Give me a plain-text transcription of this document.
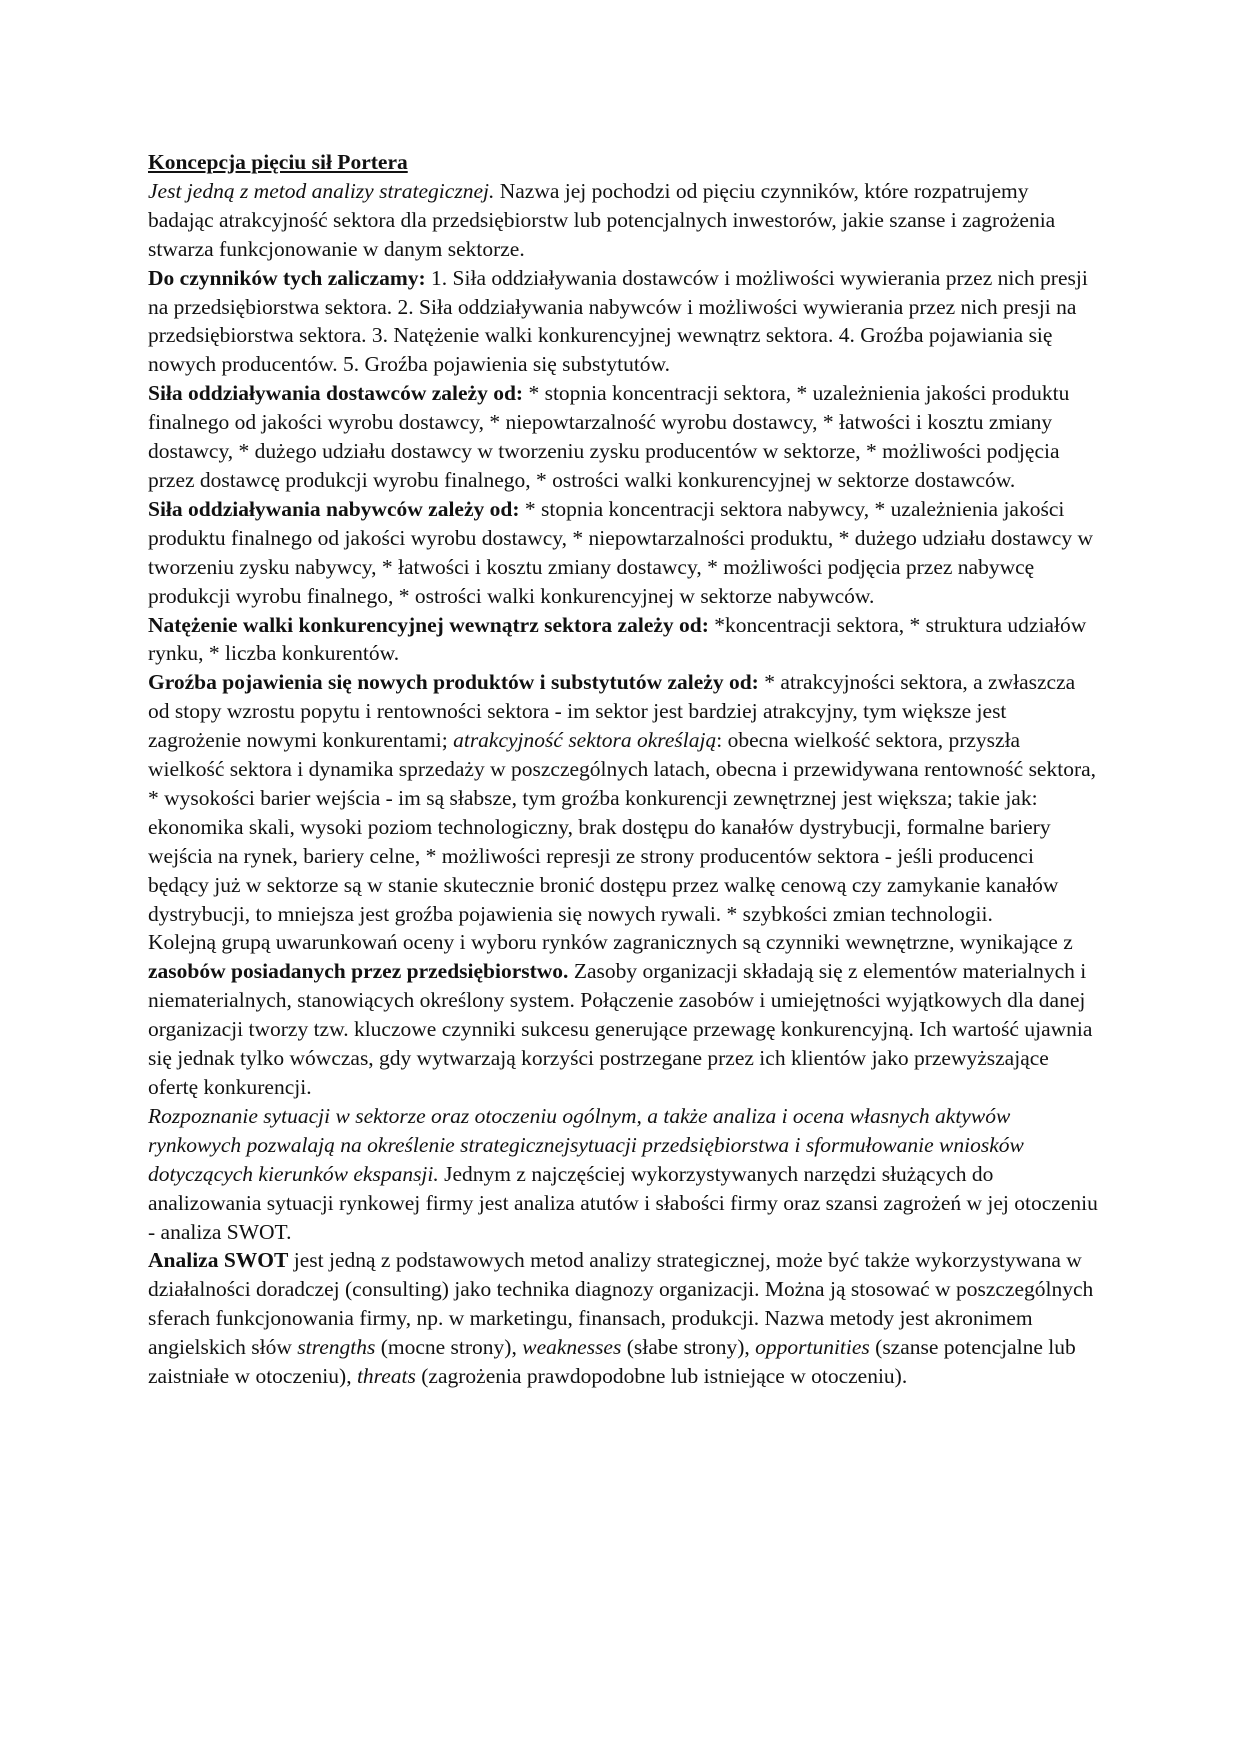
Koncepcja pięciu sił Portera

Jest jedną z metod analizy strategicznej. Nazwa jej pochodzi od pięciu czynników, które rozpatrujemy badając atrakcyjność sektora dla przedsiębiorstw lub potencjalnych inwestorów, jakie szanse i zagrożenia stwarza funkcjonowanie w danym sektorze.

Do czynników tych zaliczamy: 1. Siła oddziaływania dostawców i możliwości wywierania przez nich presji na przedsiębiorstwa sektora. 2. Siła oddziaływania nabywców i możliwości wywierania przez nich presji na przedsiębiorstwa sektora. 3. Natężenie walki konkurencyjnej wewnątrz sektora. 4. Groźba pojawiania się nowych producentów. 5. Groźba pojawienia się substytutów.

Siła oddziaływania dostawców zależy od: * stopnia koncentracji sektora, * uzależnienia jakości produktu finalnego od jakości wyrobu dostawcy, * niepowtarzalność wyrobu dostawcy, * łatwości i kosztu zmiany dostawcy, * dużego udziału dostawcy w tworzeniu zysku producentów w sektorze, * możliwości podjęcia przez dostawcę produkcji wyrobu finalnego, * ostrości walki konkurencyjnej w sektorze dostawców.

Siła oddziaływania nabywców zależy od: * stopnia koncentracji sektora nabywcy, * uzależnienia jakości produktu finalnego od jakości wyrobu dostawcy, * niepowtarzalności produktu, * dużego udziału dostawcy w tworzeniu zysku nabywcy, * łatwości i kosztu zmiany dostawcy, * możliwości podjęcia przez nabywcę produkcji wyrobu finalnego, * ostrości walki konkurencyjnej w sektorze nabywców.

Natężenie walki konkurencyjnej wewnątrz sektora zależy od: *koncentracji sektora, * struktura udziałów rynku, * liczba konkurentów.

Groźba pojawienia się nowych produktów i substytutów zależy od: * atrakcyjności sektora, a zwłaszcza od stopy wzrostu popytu i rentowności sektora - im sektor jest bardziej atrakcyjny, tym większe jest zagrożenie nowymi konkurentami; atrakcyjność sektora określają: obecna wielkość sektora, przyszła wielkość sektora i dynamika sprzedaży w poszczególnych latach, obecna i przewidywana rentowność sektora, * wysokości barier wejścia - im są słabsze, tym groźba konkurencji zewnętrznej jest większa; takie jak: ekonomika skali, wysoki poziom technologiczny, brak dostępu do kanałów dystrybucji, formalne bariery wejścia na rynek, bariery celne, * możliwości represji ze strony producentów sektora - jeśli producenci będący już w sektorze są w stanie skutecznie bronić dostępu przez walkę cenową czy zamykanie kanałów dystrybucji, to mniejsza jest groźba pojawienia się nowych rywali. * szybkości zmian technologii.

Kolejną grupą uwarunkowań oceny i wyboru rynków zagranicznych są czynniki wewnętrzne, wynikające z zasobów posiadanych przez przedsiębiorstwo. Zasoby organizacji składają się z elementów materialnych i niematerialnych, stanowiących określony system. Połączenie zasobów i umiejętności wyjątkowych dla danej organizacji tworzy tzw. kluczowe czynniki sukcesu generujące przewagę konkurencyjną. Ich wartość ujawnia się jednak tylko wówczas, gdy wytwarzają korzyści postrzegane przez ich klientów jako przewyższające ofertę konkurencji.

Rozpoznanie sytuacji w sektorze oraz otoczeniu ogólnym, a także analiza i ocena własnych aktywów rynkowych pozwalają na określenie strategicznejsytuacji przedsiębiorstwa i sformułowanie wniosków dotyczących kierunków ekspansji. Jednym z najczęściej wykorzystywanych narzędzi służących do analizowania sytuacji rynkowej firmy jest analiza atutów i słabości firmy oraz szansi zagrożeń w jej otoczeniu - analiza SWOT.

Analiza SWOT jest jedną z podstawowych metod analizy strategicznej, może być także wykorzystywana w działalności doradczej (consulting) jako technika diagnozy organizacji. Można ją stosować w poszczególnych sferach funkcjonowania firmy, np. w marketingu, finansach, produkcji. Nazwa metody jest akronimem angielskich słów strengths (mocne strony), weaknesses (słabe strony), opportunities (szanse potencjalne lub zaistniałe w otoczeniu), threats (zagrożenia prawdopodobne lub istniejące w otoczeniu).
